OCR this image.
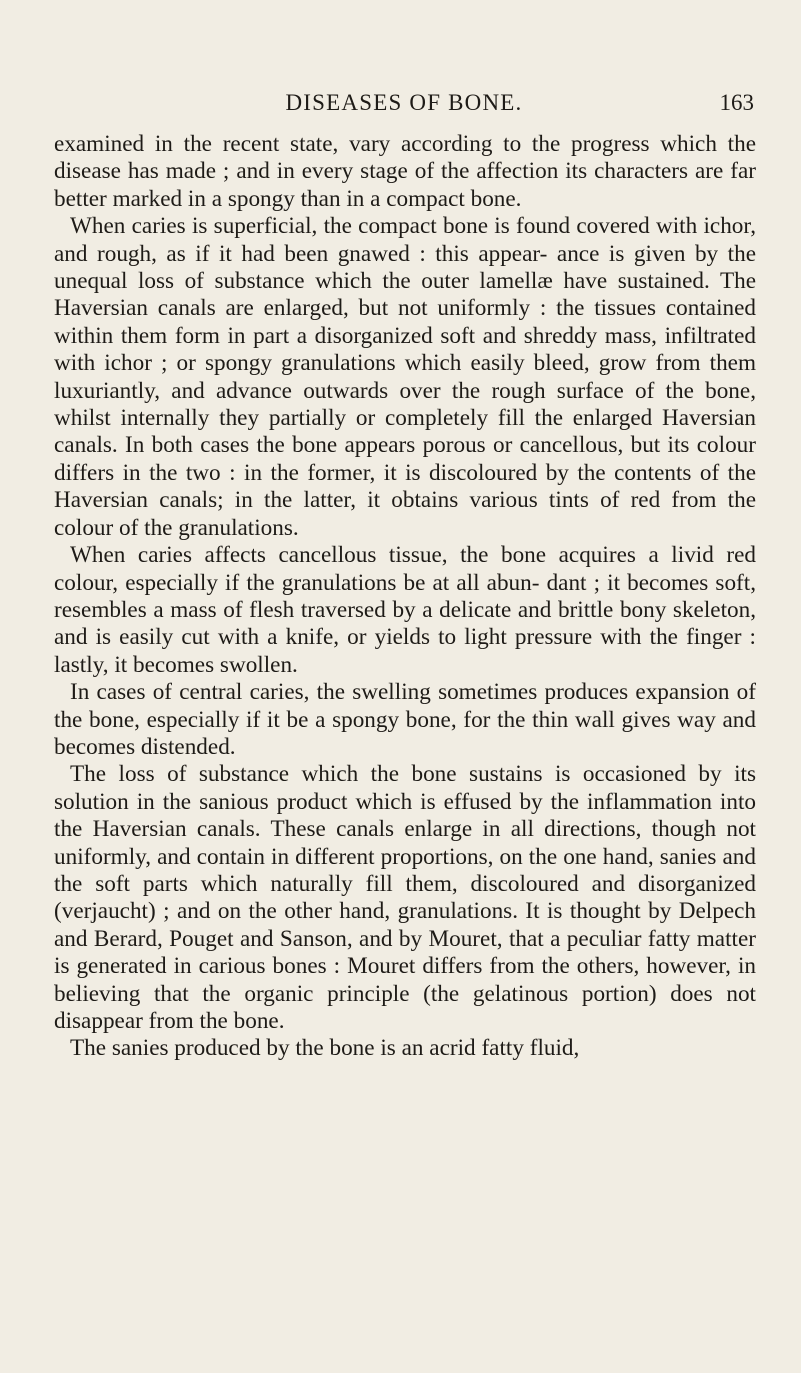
DISEASES OF BONE.	163

examined in the recent state, vary according to the progress which the disease has made ; and in every stage of the affection its characters are far better marked in a spongy than in a compact bone.

When caries is superficial, the compact bone is found covered with ichor, and rough, as if it had been gnawed : this appear- ance is given by the unequal loss of substance which the outer lamellæ have sustained. The Haversian canals are enlarged, but not uniformly : the tissues contained within them form in part a disorganized soft and shreddy mass, infiltrated with ichor ; or spongy granulations which easily bleed, grow from them luxuriantly, and advance outwards over the rough surface of the bone, whilst internally they partially or completely fill the enlarged Haversian canals. In both cases the bone appears porous or cancellous, but its colour differs in the two : in the former, it is discoloured by the contents of the Haversian canals; in the latter, it obtains various tints of red from the colour of the granulations.

When caries affects cancellous tissue, the bone acquires a livid red colour, especially if the granulations be at all abun- dant ; it becomes soft, resembles a mass of flesh traversed by a delicate and brittle bony skeleton, and is easily cut with a knife, or yields to light pressure with the finger : lastly, it becomes swollen.

In cases of central caries, the swelling sometimes produces expansion of the bone, especially if it be a spongy bone, for the thin wall gives way and becomes distended.

The loss of substance which the bone sustains is occasioned by its solution in the sanious product which is effused by the inflammation into the Haversian canals. These canals enlarge in all directions, though not uniformly, and contain in different proportions, on the one hand, sanies and the soft parts which naturally fill them, discoloured and disorganized (verjaucht) ; and on the other hand, granulations. It is thought by Delpech and Berard, Pouget and Sanson, and by Mouret, that a peculiar fatty matter is generated in carious bones : Mouret differs from the others, however, in believing that the organic principle (the gelatinous portion) does not disappear from the bone.

The sanies produced by the bone is an acrid fatty fluid,
